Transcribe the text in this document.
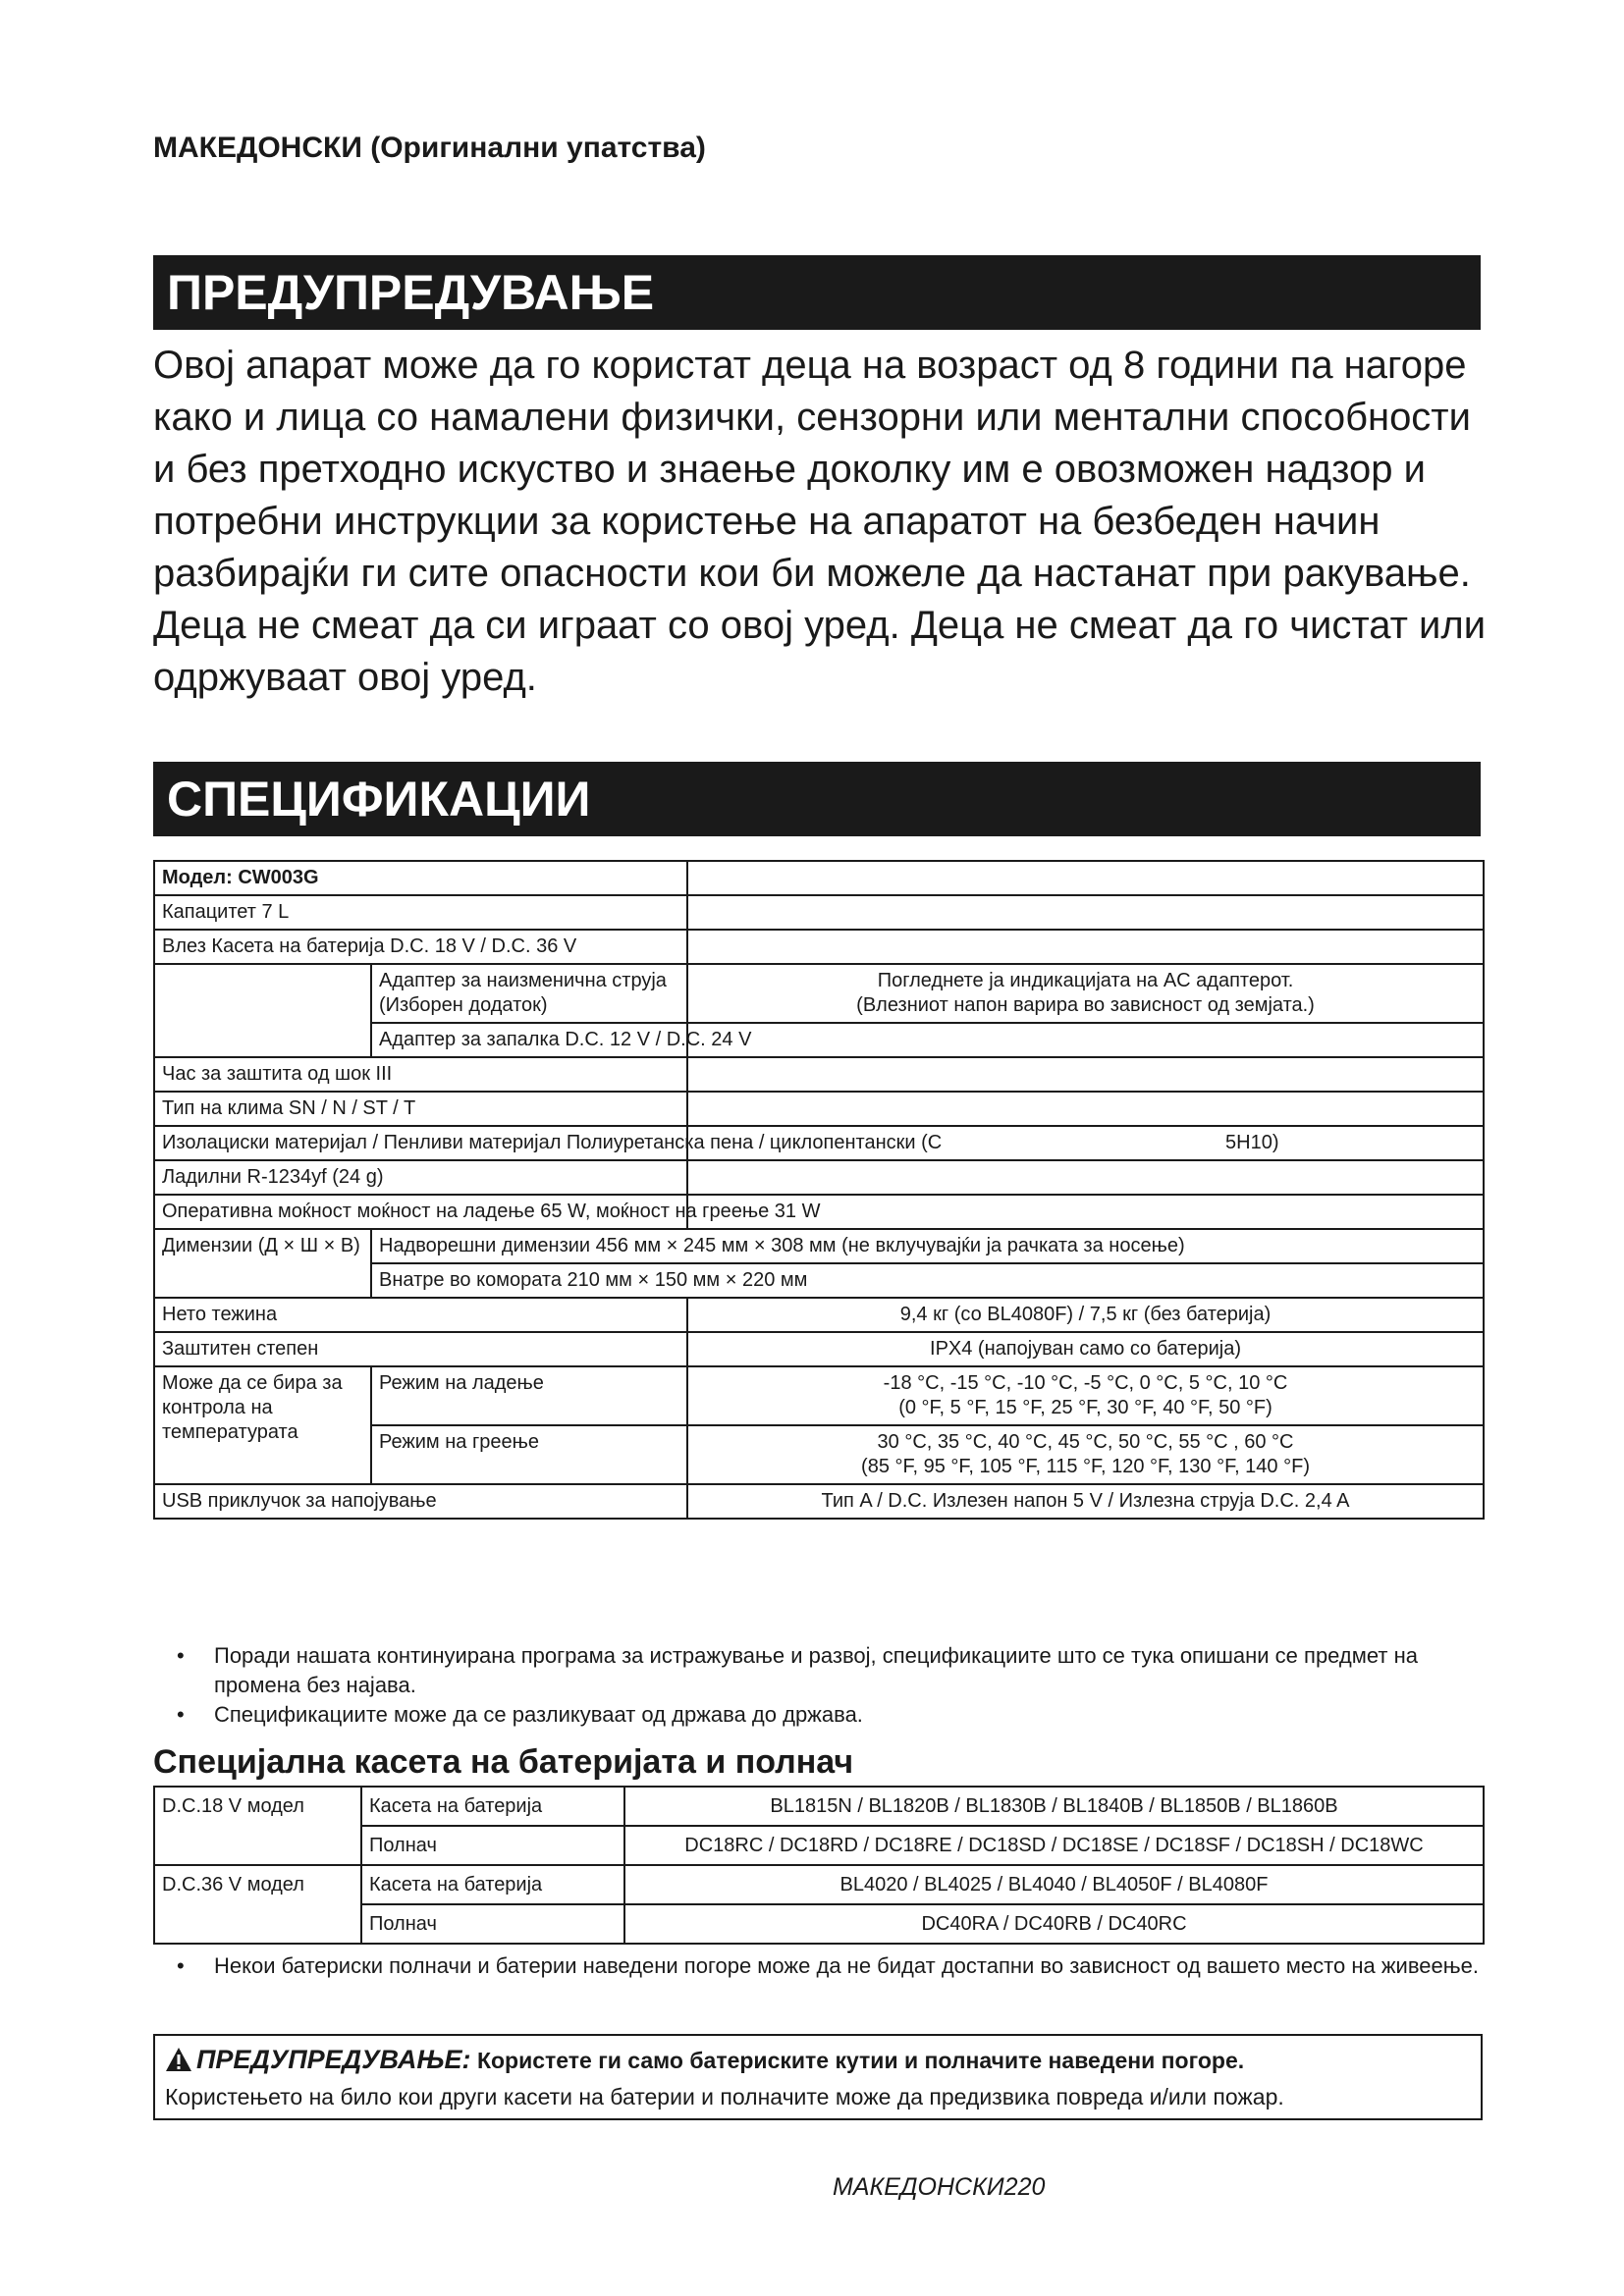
МАКЕДОНСКИ (Оригинални упатства)
ПРЕДУПРЕДУВАЊЕ
Овој апарат може да го користат деца на возраст од 8 години па нагоре како и лица со намалени физички, сензорни или ментални способности и без претходно искуство и знаење доколку им е овозможен надзор и потребни инструкции за користење на апаратот на безбеден начин разбирајќи ги сите опасности кои би можеле да настанат при ракување. Деца не смеат да си играат со овој уред. Деца не смеат да го чистат или одржуваат овој уред.
СПЕЦИФИКАЦИИ
Модел: CW003G		
Капацитет 7 L		
Влез Касета на батерија D.C. 18 V / D.C. 36 V		
	Адаптер за наизменична струја (Изборен додаток)	Погледнете ја индикацијата на AC адаптерот.
(Влезниот напон варира во зависност од земјата.)

	Адаптер за запалка D.C. 12 V / D.C. 24 V	
Час за заштита од шок III		
Тип на клима SN / N / ST / T		
Изолациски материјал / Пенливи материјал Полиуретанска пена / циклопентански (C		5H10)
Ладилни R-1234yf (24 g)		
Оперативна моќност моќност на ладење 65 W, моќност на греење 31 W		
Димензии (Д × Ш × В)	Надворешни димензии 456 мм × 245 мм × 308 мм (не вклучувајќи ја рачката за носење)	
	Внатре во комората 210 мм × 150 мм × 220 мм	
Нето тежина		9,4 кг (со BL4080F) / 7,5 кг (без батерија)
Заштитен степен		IPX4 (напојуван само со батерија)
Може да се бира за контрола на температурата	Режим на ладење	-18 °C, -15 °C, -10 °C, -5 °C, 0 °C, 5 °C, 10 °C
(0 °F, 5 °F, 15 °F, 25 °F, 30 °F, 40 °F, 50 °F)

	Режим на греење	30 °C, 35 °C, 40 °C, 45 °C, 50 °C, 55 °C , 60 °C
(85 °F, 95 °F, 105 °F, 115 °F, 120 °F, 130 °F, 140 °F)

USB приклучок за напојување		Тип A / D.C. Излезен напон 5 V / Излезна струја D.C. 2,4 A
• Поради нашата континуирана програма за истражување и развој, спецификациите што се тука опишани се предмет на промена без најава.
• Спецификациите може да се разликуваат од држава до држава.
Специјална касета на батеријата и полнач
D.C.18 V модел	Касета на батерија	BL1815N / BL1820B / BL1830B / BL1840B / BL1850B / BL1860B
	Полнач	DC18RC / DC18RD / DC18RE / DC18SD / DC18SE / DC18SF / DC18SH / DC18WC
D.C.36 V модел	Касета на батерија	BL4020 / BL4025 / BL4040 / BL4050F / BL4080F
	Полнач	DC40RA / DC40RB / DC40RC
• Некои батериски полначи и батерии наведени погоре може да не бидат достапни во зависност од вашето место на живеење.
ПРЕДУПРЕДУВАЊЕ: Користете ги само батериските кутии и полначите наведени погоре.
Користењето на било кои други касети на батерии и полначите може да предизвика повреда и/или пожар.
МАКЕДОНСКИ220
